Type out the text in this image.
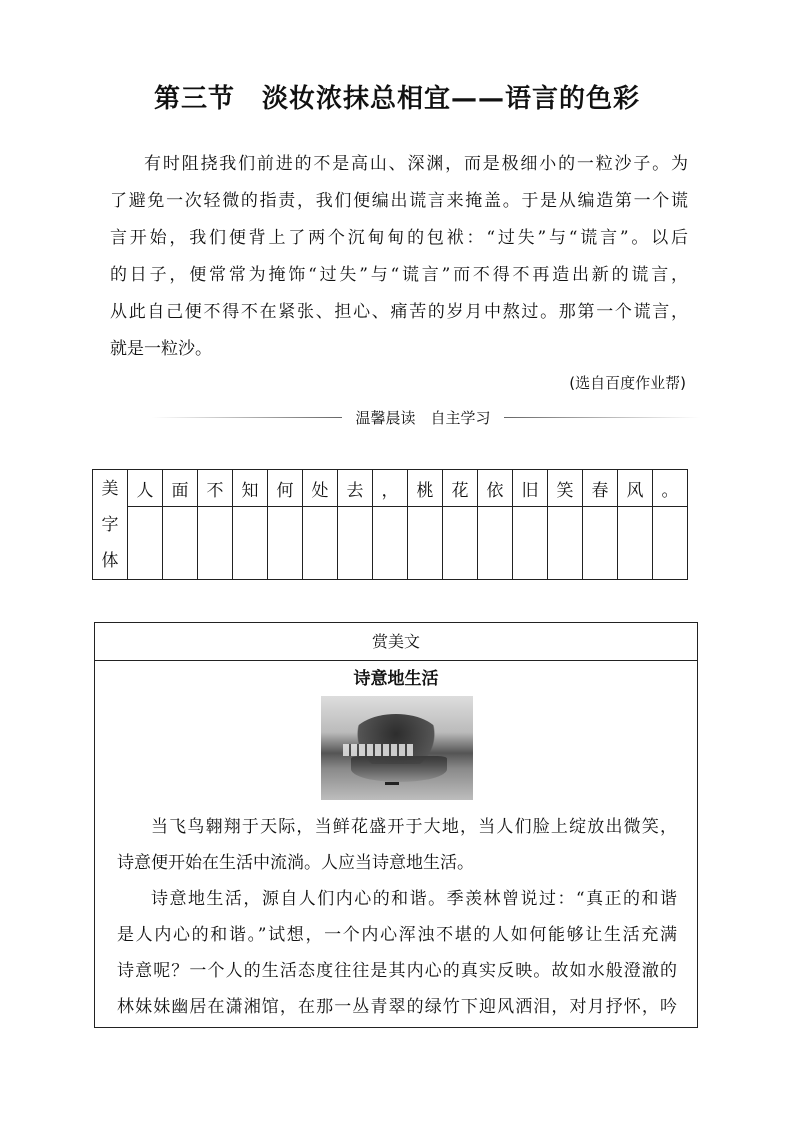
第三节　淡妆浓抹总相宜——语言的色彩
有时阻挠我们前进的不是高山、深渊，而是极细小的一粒沙子。为
了避免一次轻微的指责，我们便编出谎言来掩盖。于是从编造第一个谎
言开始，我们便背上了两个沉甸甸的包袱：“过失”与“谎言”。以后
的日子，便常常为掩饰“过失”与“谎言”而不得不再造出新的谎言，
从此自己便不得不在紧张、担心、痛苦的岁月中熬过。那第一个谎言，
就是一粒沙。
(选自百度作业帮)
温馨晨读　自主学习
美
字
体	人	面	不	知	何	处	去	，	桃	花	依	旧	笑	春	风	。

赏美文
诗意地生活
当飞鸟翱翔于天际，当鲜花盛开于大地，当人们脸上绽放出微笑，
诗意便开始在生活中流淌。人应当诗意地生活。
诗意地生活，源自人们内心的和谐。季羡林曾说过：“真正的和谐
是人内心的和谐。”试想，一个内心浑浊不堪的人如何能够让生活充满
诗意呢？一个人的生活态度往往是其内心的真实反映。故如水般澄澈的
林妹妹幽居在潇湘馆，在那一丛青翠的绿竹下迎风洒泪，对月抒怀，吟
